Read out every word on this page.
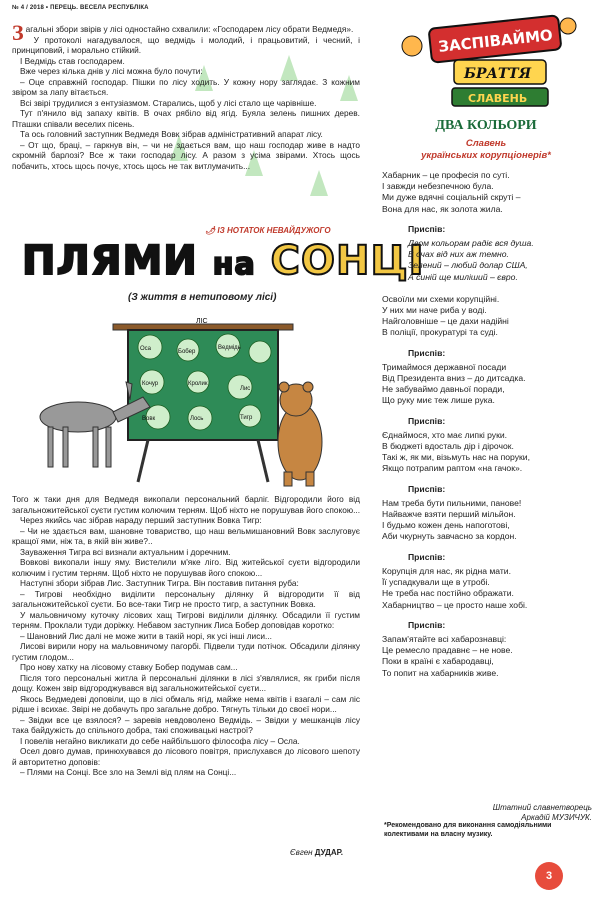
№ 4 / 2018 • ПЕРЕЦЬ. ВЕСЕЛА РЕСПУБЛІКА

Загальні збори звірів у лісі одностайно схвалили: «Господарем лісу обрати Ведмедя».

У протоколі нагадувалося, що ведмідь і молодий, і працьовитий, і чесний, і принциповий, і морально стійкий.

І Ведмідь став господарем.

Вже через кілька днів у лісі можна було почути:

– Оце справжній господар. Пішки по лісу ходить. У кожну нору заглядає. З кожним звіром за лапу вітається.

Всі звірі трудилися з ентузіазмом. Старались, щоб у лісі стало ще чарівніше.

Тут п'янило від запаху квітів. В очах рябіло від ягід. Буяла зелень пишних дерев. Пташки співали веселих пісень.

Та ось головний заступник Ведмедя Вовк зібрав адміністративний апарат лісу.

– От що, браці, – гаркнув він, – чи не здається вам, що наш господар живе в надто скромній барлозі? Все ж таки господар лісу. А разом з усіма звірами. Хтось щось побачить, хтось щось почує, хтось щось не так витлумачить...

🌶 ІЗ НОТАТОК НЕВАЙДУЖОГО
ПЛЯМИ на СОНЦІ
(З життя в нетиповому лісі)
ЛІС
Оса	Ведмідь
Вовк
Лис
Бобер
Лось	Тигр
Кролик
Кочур

Того ж таки дня для Ведмедя викопали персональний барліг. Відгородили його від загальножитейської суєти густим колючим терням. Щоб ніхто не порушував його спокою...

Через якийсь час зібрав нараду перший заступник Вовка Тигр:

– Чи не здається вам, шановне товариство, що наш вельмишановний Вовк заслуговує кращої ями, ніж та, в якій він живе?..

Зауваження Тигра всі визнали актуальним і доречним.

Вовкові викопали іншу яму. Вистелили м'яке ліго. Від житейської суєти відгородили колючим і густим терням. Щоб ніхто не порушував його спокою...

Наступні збори зібрав Лис. Заступник Тигра. Він поставив питання руба:

– Тигрові необхідно виділити персональну ділянку й відгородити її від загальножитейської суєти. Бо все-таки Тигр не просто тигр, а заступник Вовка.

У мальовничому куточку лісових хащ Тигрові виділили ділянку. Обсадили її густим терням. Проклали туди доріжку. Небавом заступник Лиса Бобер доповідав коротко:

– Шановний Лис далі не може жити в такій норі, як усі інші лиси...

Лисові вирили нору на мальовничому пагорбі. Підвели туди потічок. Обсадили ділянку густим глодом...

Про нову хатку на лісовому ставку Бобер подумав сам...

Після того персональні житла й персональні ділянки в лісі з'являлися, як гриби після дощу. Кожен звір відгороджувався від загальножитейської суєти...

Якось Ведмедеві доповіли, що в лісі обмаль ягід, майже нема квітів і взагалі – сам ліс рідше і всихає. Звірі не добачуть про загальне добро. Тягнуть тільки до своєї нори...

– Звідки все це взялося? – заревів невдоволено Ведмідь. – Звідки у мешканців лісу така байдужість до спільного добра, такі споживацькі настрої?

І повелів негайно викликати до себе найбільшого філософа лісу – Осла.

Осел довго думав, принюхувався до лісового повітря, прислухався до лісового шепоту й авторитетно доповів:

– Плями на Сонці. Все зло на Землі від плям на Сонці...

Євген ДУДАР.
ЗАСПІВАЙМО
БРАТТЯ
СЛАВЕНЬ
ДВА КОЛЬОРИ
Славень
українських корупціонерів*
Хабарник – це професія по суті.
І завжди небезпечною була.
Ми дуже вдячні соціальній скруті –
Вона для нас, як золота жила.
Приспів:
Двом кольорам радіє вся душа.
В очах від них аж темно.
Зелений – любий долар США,
А синій ще миліший – євро.
Освоїли ми схеми корупційні.
У них ми наче риба у воді.
Найголовніше – це дахи надійні
В поліції, прокуратурі та суді.
Приспів:
Тримаймося державної посади
Від Президента вниз – до дитсадка.
Не забуваймо давньої поради,
Що руку миє теж лише рука.
Приспів:
Єднаймося, хто має липкі руки.
В бюджеті вдосталь дір і дірочок.
Такі ж, як ми, візьмуть нас на поруки,
Якщо потрапим раптом «на гачок».
Приспів:
Нам треба бути пильними, панове!
Найважче взяти перший мільйон.
І будьмо кожен день напоготові,
Аби чкурнуть завчасно за кордон.
Приспів:
Корупція для нас, як рідна мати.
Її успадкували ще в утробі.
Не треба нас постійно ображати.
Хабарництво – це просто наше хобі.
Приспів:
Запам'ятайте всі хабарознавці:
Це ремесло прадавнє – не нове.
Поки в країні є хабародавці,
То попит на хабарників живе.
Штатний славнетворець
Аркадій МУЗИЧУК.
*Рекомендовано для виконання самодіяльними колективами на власну музику.
3
